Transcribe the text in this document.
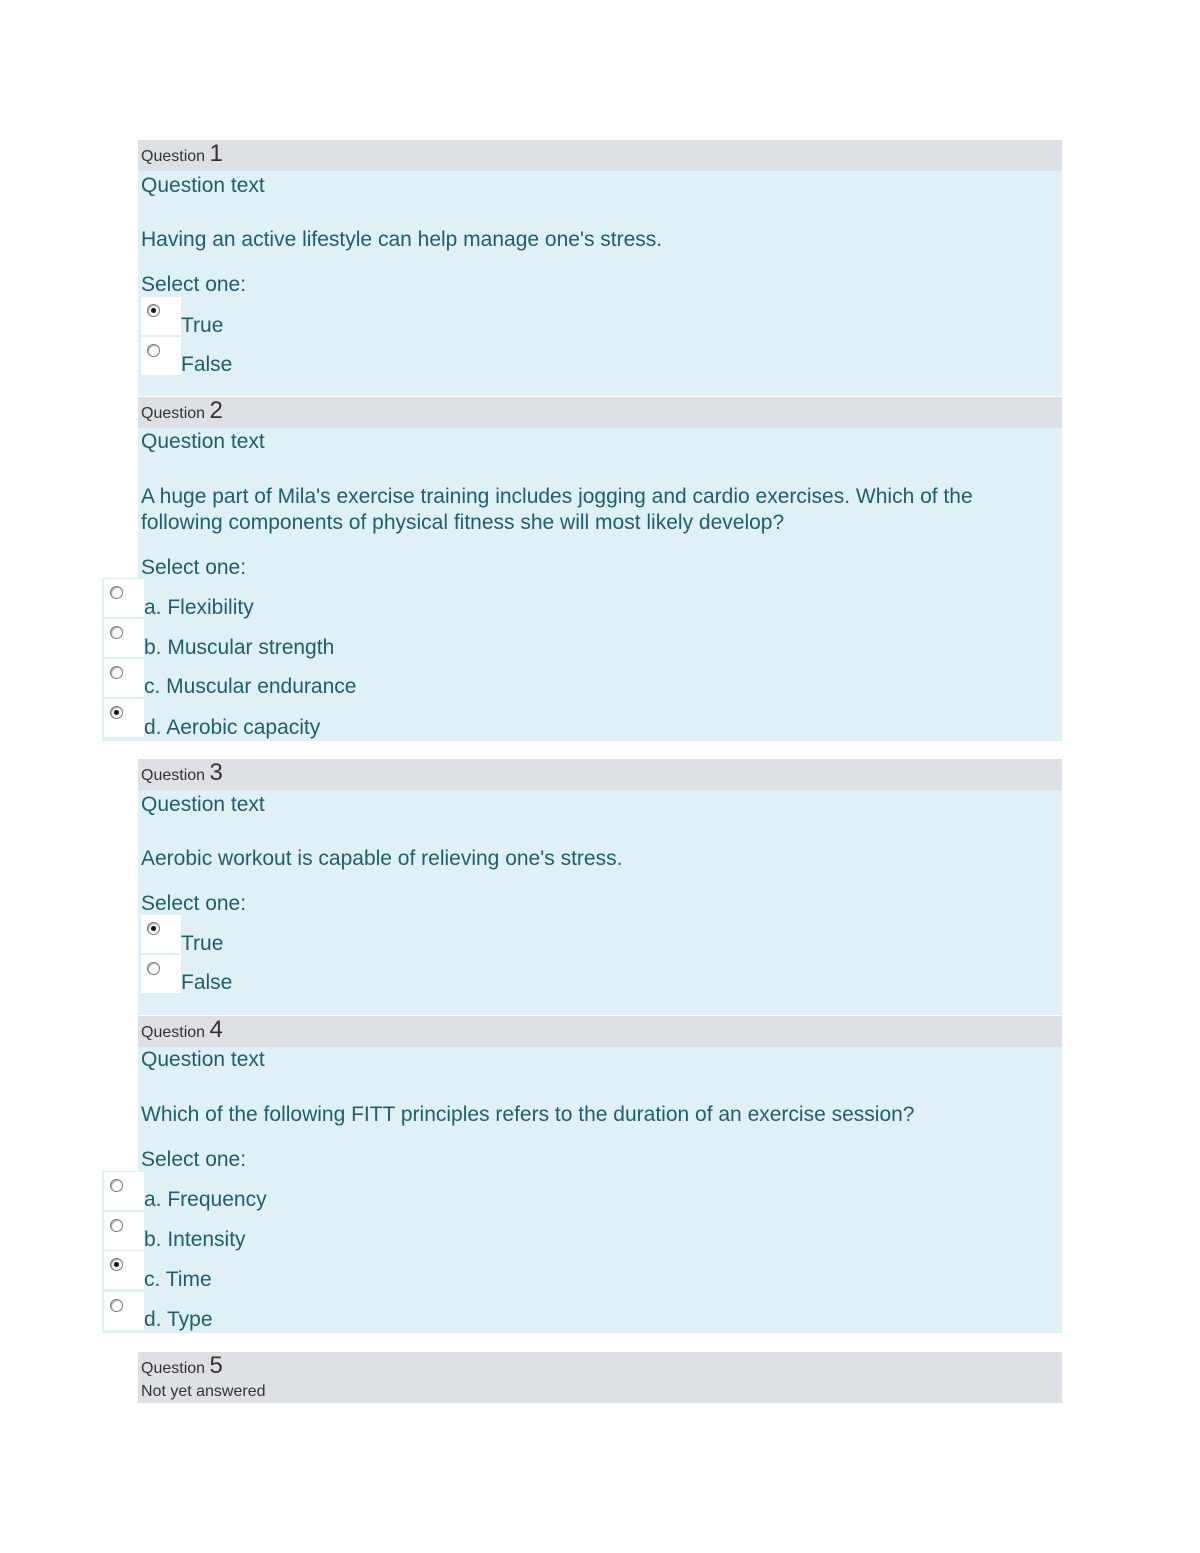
Question 1
Question text
Having an active lifestyle can help manage one's stress.
Select one:
True
False
Question 2
Question text
A huge part of Mila's exercise training includes jogging and cardio exercises. Which of the
following components of physical fitness she will most likely develop?
Select one:
a. Flexibility
b. Muscular strength
c. Muscular endurance
d. Aerobic capacity
Question 3
Question text
Aerobic workout is capable of relieving one's stress.
Select one:
True
False
Question 4
Question text
Which of the following FITT principles refers to the duration of an exercise session?
Select one:
a. Frequency
b. Intensity
c. Time
d. Type
Question 5
Not yet answered
